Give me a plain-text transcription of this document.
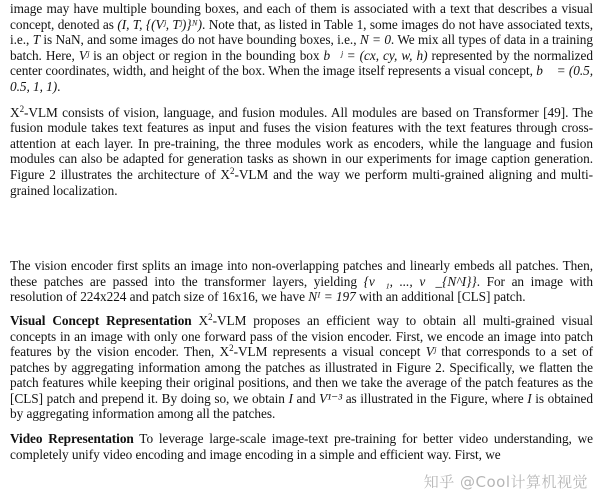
image may have multiple bounding boxes, and each of them is associated with a text that describes a visual concept, denoted as (I, T, {(Vʲ, Tʲ)}ᴺ). Note that, as listed in Table 1, some images do not have associated texts, i.e., T is NaN, and some images do not have bounding boxes, i.e., N = 0. We mix all types of data in a training batch. Here, Vʲ is an object or region in the bounding box b⃗ʲ = (cx, cy, w, h) represented by the normalized center coordinates, width, and height of the box. When the image itself represents a visual concept, b⃗ = (0.5, 0.5, 1, 1).

$X^2$-VLM consists of vision, language, and fusion modules. All modules are based on Transformer [49]. The fusion module takes text features as input and fuses the vision features with the text features through cross-attention at each layer. In pre-training, the three modules work as encoders, while the language and fusion modules can also be adapted for generation tasks as shown in our experiments for image caption generation. Figure 2 illustrates the architecture of $X^2$-VLM and the way we perform multi-grained aligning and multi-grained localization.

The vision encoder first splits an image into non-overlapping patches and linearly embeds all patches. Then, these patches are passed into the transformer layers, yielding {v⃗₁, ..., v⃗_{N^I}}. For an image with resolution of 224x224 and patch size of 16x16, we have Nᴵ = 197 with an additional [CLS] patch.

Visual Concept Representation $X^2$-VLM proposes an efficient way to obtain all multi-grained visual concepts in an image with only one forward pass of the vision encoder. First, we encode an image into patch features by the vision encoder. Then, $X^2$-VLM represents a visual concept Vʲ that corresponds to a set of patches by aggregating information among the patches as illustrated in Figure 2. Specifically, we flatten the patch features while keeping their original positions, and then we take the average of the patch features as the [CLS] patch and prepend it. By doing so, we obtain I and V¹⁻³ as illustrated in the Figure, where I is obtained by aggregating information among all the patches.

Video Representation To leverage large-scale image-text pre-training for better video understanding, we completely unify video encoding and image encoding in a simple and efficient way. First, we

知乎 @Cool计算机视觉
